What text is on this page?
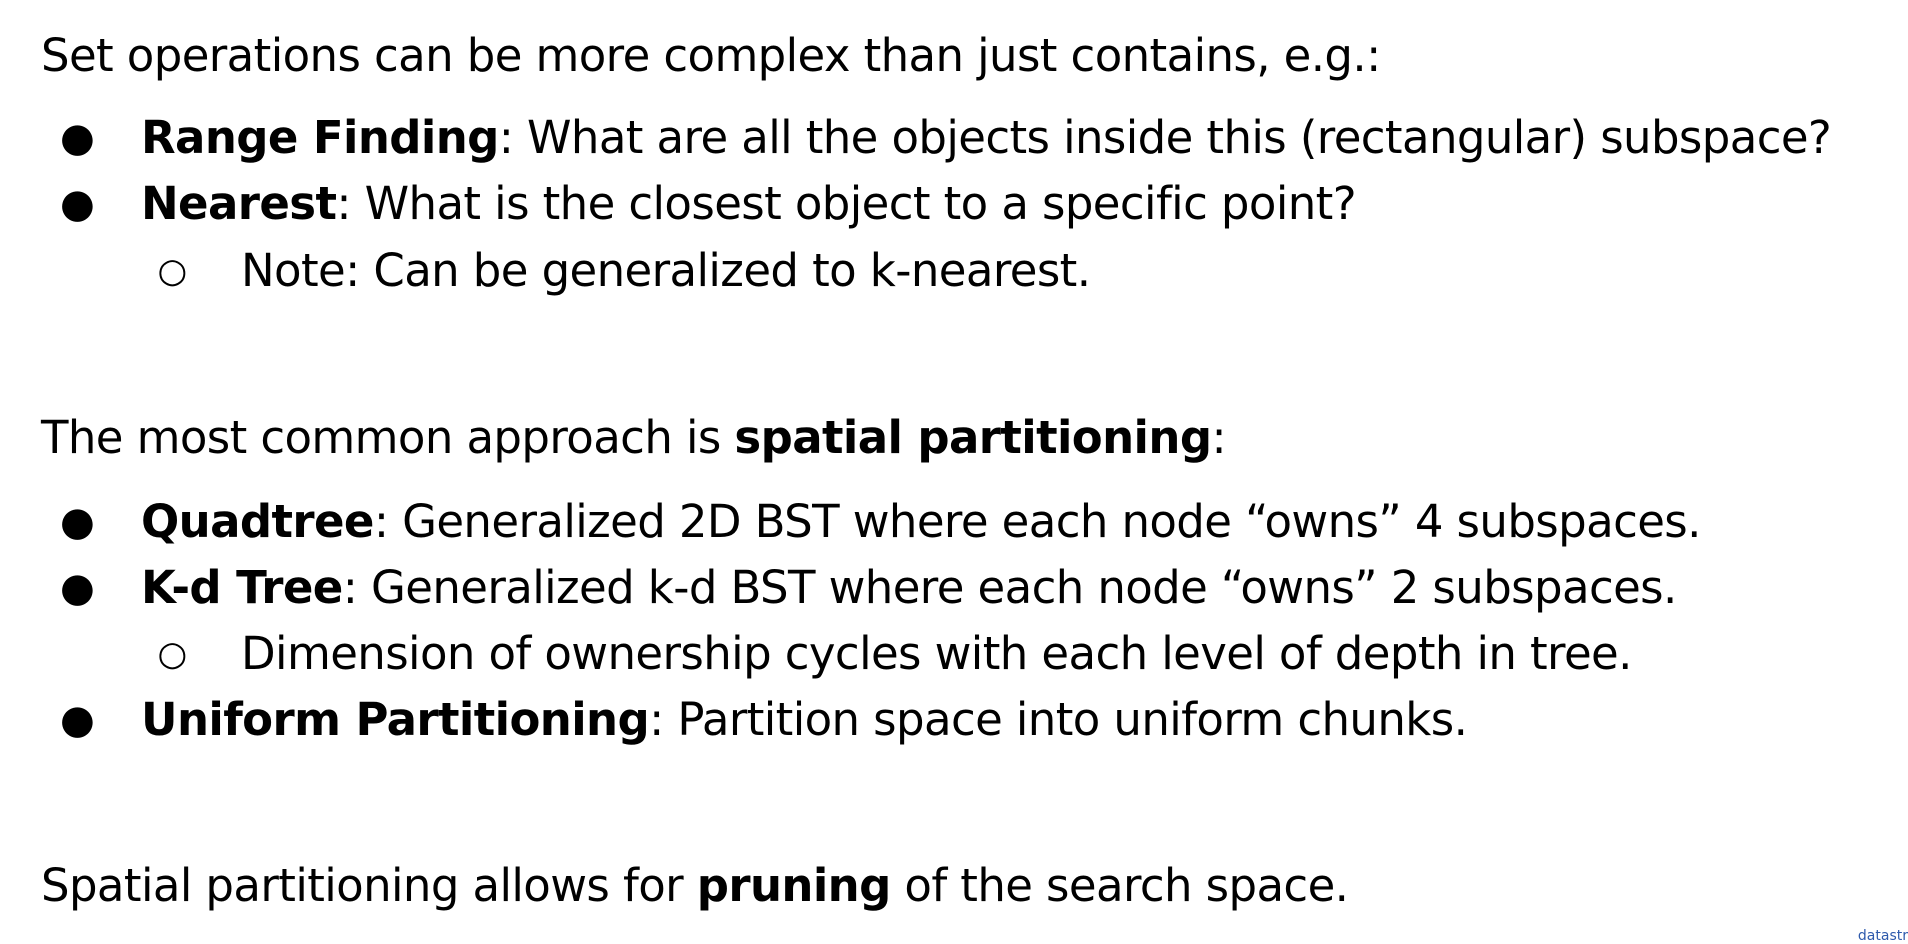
Set operations can be more complex than just contains, e.g.:
● Range Finding: What are all the objects inside this (rectangular) subspace?
● Nearest: What is the closest object to a specific point?
○ Note: Can be generalized to k-nearest.
The most common approach is spatial partitioning:
● Quadtree: Generalized 2D BST where each node “owns” 4 subspaces.
● K-d Tree: Generalized k-d BST where each node “owns” 2 subspaces.
○ Dimension of ownership cycles with each level of depth in tree.
● Uniform Partitioning: Partition space into uniform chunks.
Spatial partitioning allows for pruning of the search space.
datastr
